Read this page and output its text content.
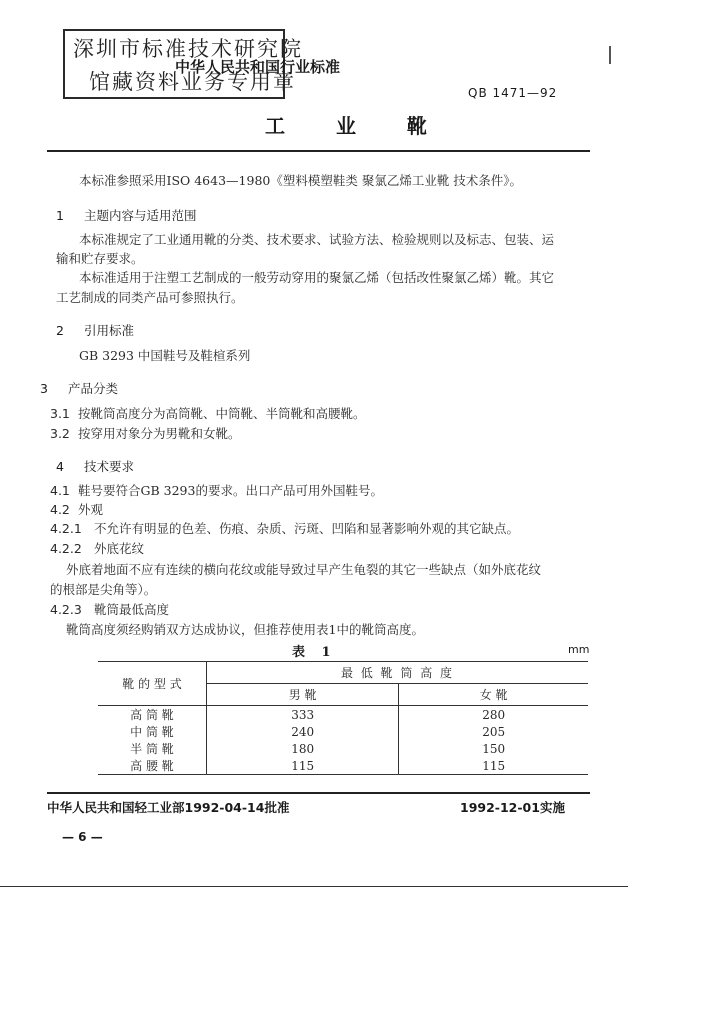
深圳市标准技术研究院
馆藏资料业务专用章
中华人民共和国行业标准
QB 1471—92
工 业 靴
本标准参照采用ISO 4643—1980《塑料模塑鞋类 聚氯乙烯工业靴 技术条件》。
1 主题内容与适用范围
本标准规定了工业通用靴的分类、技术要求、试验方法、检验规则以及标志、包装、运
输和贮存要求。
本标准适用于注塑工艺制成的一般劳动穿用的聚氯乙烯（包括改性聚氯乙烯）靴。其它
工艺制成的同类产品可参照执行。
2 引用标准
GB 3293 中国鞋号及鞋楦系列
3 产品分类
3.1 按靴筒高度分为高筒靴、中筒靴、半筒靴和高腰靴。
3.2 按穿用对象分为男靴和女靴。
4 技术要求
4.1 鞋号要符合GB 3293的要求。出口产品可用外国鞋号。
4.2 外观
4.2.1 不允许有明显的色差、伤痕、杂质、污斑、凹陷和显著影响外观的其它缺点。
4.2.2 外底花纹
外底着地面不应有连续的横向花纹或能导致过早产生龟裂的其它一些缺点（如外底花纹
的根部是尖角等）。
4.2.3 靴筒最低高度
靴筒高度须经购销双方达成协议，但推荐使用表1中的靴筒高度。
表 1	mm
靴 的 型 式	最 低 靴 筒 高 度	
	男 靴	女 靴
高 筒 靴	333	280
中 筒 靴	240	205
半 筒 靴	180	150
高 腰 靴	115	115
中华人民共和国轻工业部1992-04-14批准	1992-12-01实施
— 6 —
